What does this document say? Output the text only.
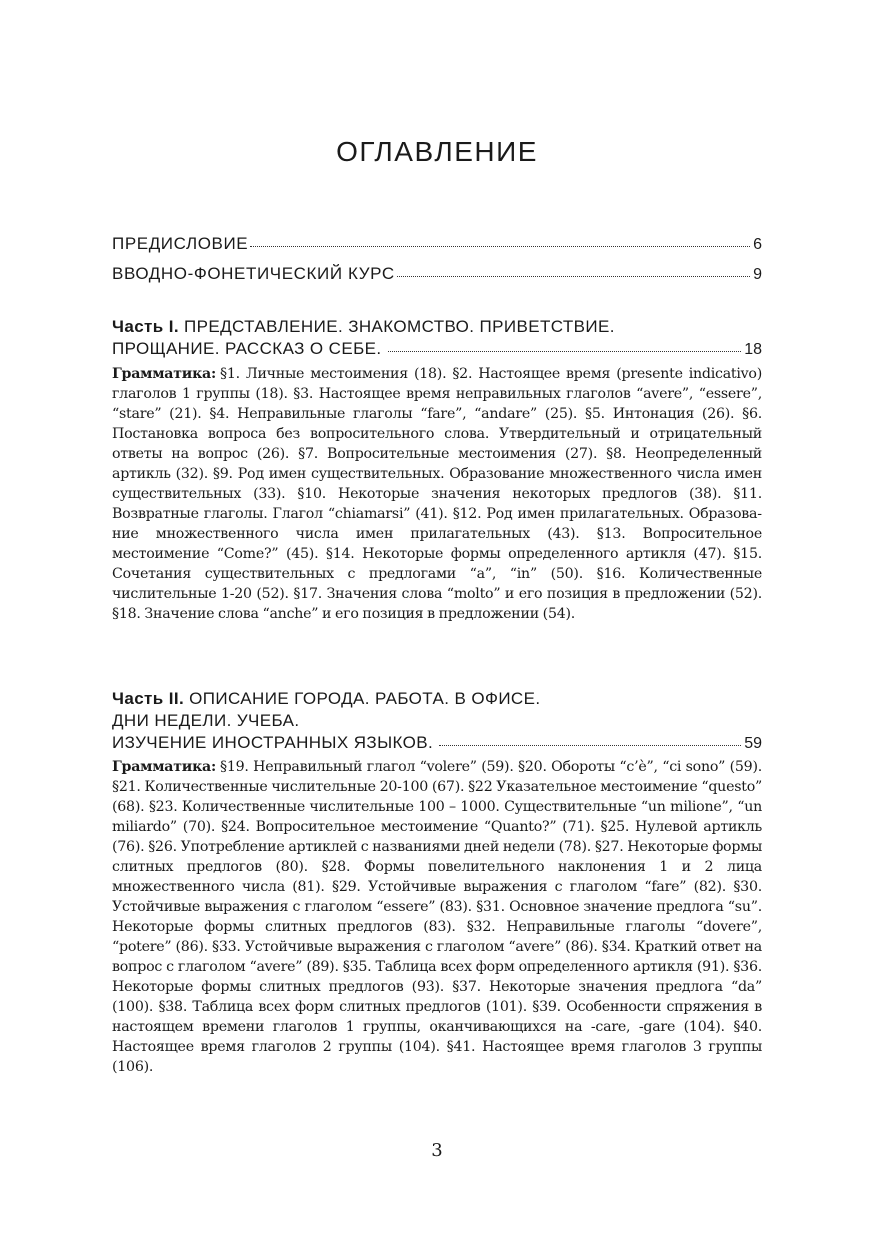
ОГЛАВЛЕНИЕ
ПРЕДИСЛОВИЕ	6
ВВОДНО-ФОНЕТИЧЕСКИЙ КУРС	9
Часть I. ПРЕДСТАВЛЕНИЕ. ЗНАКОМСТВО. ПРИВЕТСТВИЕ.
ПРОЩАНИЕ. РАССКАЗ О СЕБЕ.	18
Грамматика: §1. Личные местоимения (18). §2. Настоящее время (presente indicativo) глаголов 1 группы (18). §3. Настоящее время неправильных глаголов “avere”, “essere”, “stare” (21). §4. Неправильные глаголы “fare”, “andare” (25). §5. Интонация (26). §6. Постановка вопроса без вопросительного слова. Утвердительный и отрицательный ответы на вопрос (26). §7. Вопросительные местоимения (27). §8. Неопределенный артикль (32). §9. Род имен существительных. Образование множественного числа имен существительных (33). §10. Некоторые значения некоторых предлогов (38). §11. Возвратные глаголы. Глагол “chiamarsi” (41). §12. Род имен прилагательных. Образование множественного числа имен прилагательных (43). §13. Вопросительное местоимение “Come?” (45). §14. Некоторые формы определенного артикля (47). §15. Сочетания существительных с предлогами “a”, “in” (50). §16. Количественные числительные 1-20 (52). §17. Значения слова “molto” и его позиция в предложении (52). §18. Значение слова “anche” и его позиция в предложении (54).
Часть II. ОПИСАНИЕ ГОРОДА. РАБОТА. В ОФИСЕ.
ДНИ НЕДЕЛИ. УЧЕБА.
ИЗУЧЕНИЕ ИНОСТРАННЫХ ЯЗЫКОВ.	59
Грамматика: §19. Неправильный глагол “volere” (59). §20. Обороты “c’è”, “ci sono” (59). §21. Количественные числительные 20-100 (67). §22 Указательное местоимение “questo” (68). §23. Количественные числительные 100 – 1000. Существительные “un milione”, “un miliardo” (70). §24. Вопросительное местоимение “Quanto?” (71). §25. Нулевой артикль (76). §26. Употребление артиклей с названиями дней недели (78). §27. Некоторые формы слитных предлогов (80). §28. Формы повелительного наклонения 1 и 2 лица множественного числа (81). §29. Устойчивые выражения с глаголом “fare” (82). §30. Устойчивые выражения с глаголом “essere” (83). §31. Основное значение предлога “su”. Некоторые формы слитных предлогов (83). §32. Неправильные глаголы “dovere”, “potere” (86). §33. Устойчивые выражения с глаголом “avere” (86). §34. Краткий ответ на вопрос с глаголом “avere” (89). §35. Таблица всех форм определенного артикля (91). §36. Некоторые формы слитных предлогов (93). §37. Некоторые значения предлога “da” (100). §38. Таблица всех форм слитных предлогов (101). §39. Особенности спряжения в настоящем времени глаголов 1 группы, оканчивающихся на -care, -gare (104). §40. Настоящее время глаголов 2 группы (104). §41. Настоящее время глаголов 3 группы (106).
3
